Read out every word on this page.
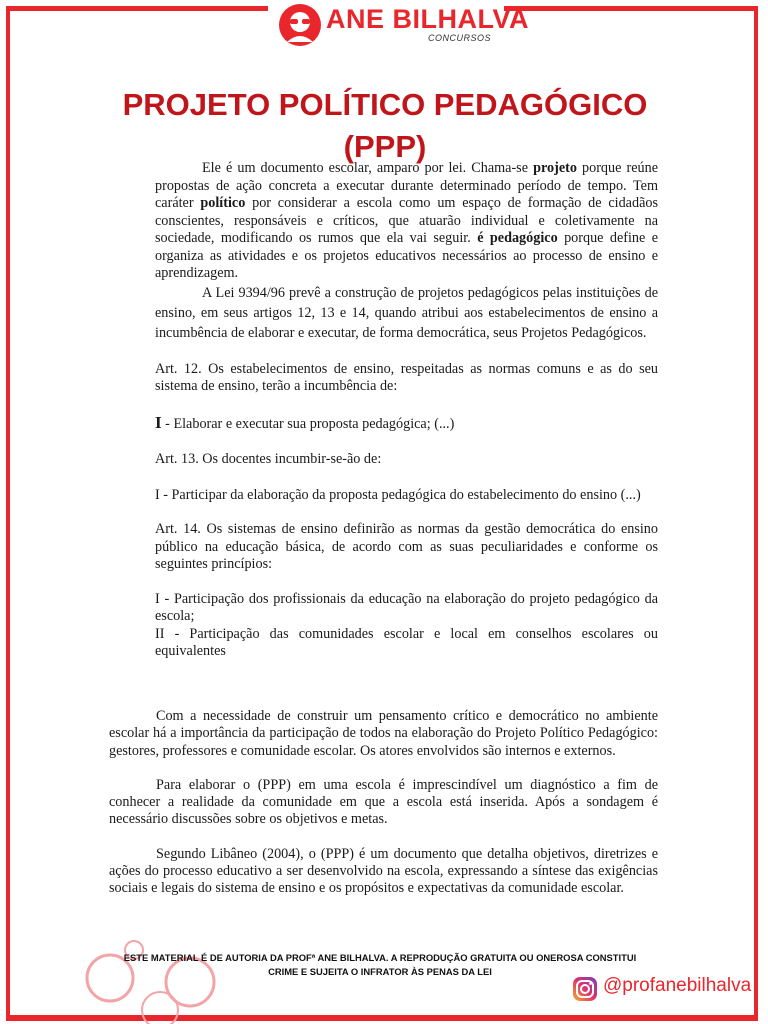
ANE BILHALVA
CONCURSOS
PROJETO POLÍTICO PEDAGÓGICO
(PPP)

Ele é um documento escolar, amparo por lei. Chama-se projeto porque reúne propostas de ação concreta a executar durante determinado período de tempo. Tem caráter político por considerar a escola como um espaço de formação de cidadãos conscientes, responsáveis e críticos, que atuarão individual e coletivamente na sociedade, modificando os rumos que ela vai seguir. é pedagógico porque define e organiza as atividades e os projetos educativos necessários ao processo de ensino e aprendizagem.

A Lei 9394/96 prevê a construção de projetos pedagógicos pelas instituições de ensino, em seus artigos 12, 13 e 14, quando atribui aos estabelecimentos de ensino a incumbência de elaborar e executar, de forma democrática, seus Projetos Pedagógicos.

Art. 12. Os estabelecimentos de ensino, respeitadas as normas comuns e as do seu sistema de ensino, terão a incumbência de:

I - Elaborar e executar sua proposta pedagógica; (...)

Art. 13. Os docentes incumbir-se-ão de:

I - Participar da elaboração da proposta pedagógica do estabelecimento do ensino (...)

Art. 14. Os sistemas de ensino definirão as normas da gestão democrática do ensino público na educação básica, de acordo com as suas peculiaridades e conforme os seguintes princípios:

I - Participação dos profissionais da educação na elaboração do projeto pedagógico da escola;

II - Participação das comunidades escolar e local em conselhos escolares ou equivalentes

Com a necessidade de construir um pensamento crítico e democrático no ambiente escolar há a importância da participação de todos na elaboração do Projeto Político Pedagógico: gestores, professores e comunidade escolar. Os atores envolvidos são internos e externos.

Para elaborar o (PPP) em uma escola é imprescindível um diagnóstico a fim de conhecer a realidade da comunidade em que a escola está inserida. Após a sondagem é necessário discussões sobre os objetivos e metas.

Segundo Libâneo (2004), o (PPP) é um documento que detalha objetivos, diretrizes e ações do processo educativo a ser desenvolvido na escola, expressando a síntese das exigências sociais e legais do sistema de ensino e os propósitos e expectativas da comunidade escolar.

ESTE MATERIAL É DE AUTORIA DA PROFª ANE BILHALVA. A REPRODUÇÃO GRATUITA OU ONEROSA CONSTITUI
CRIME E SUJEITA O INFRATOR ÀS PENAS DA LEI
@profanebilhalva
